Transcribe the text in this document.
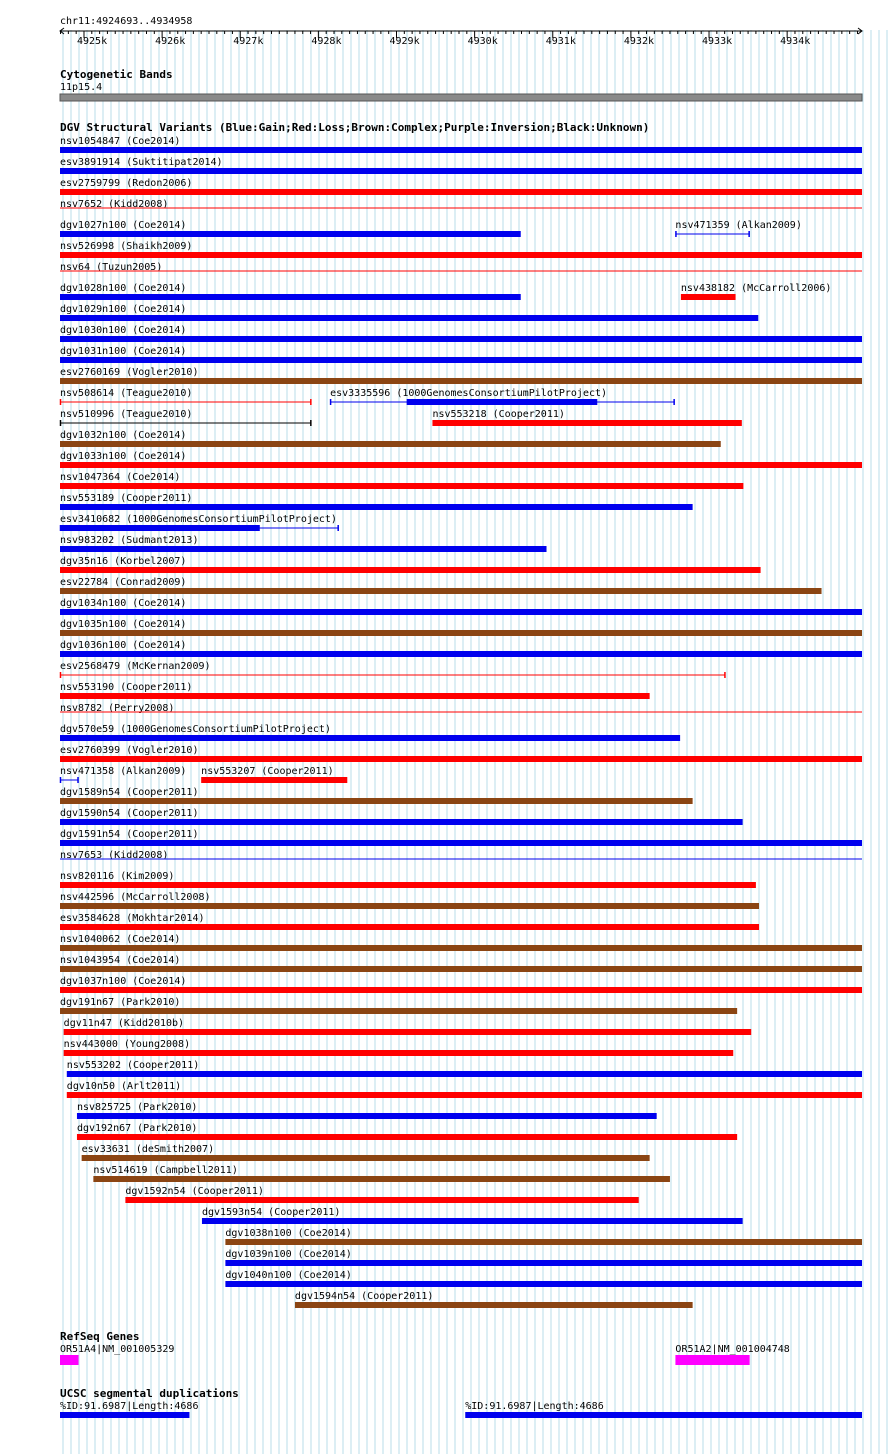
chr11:4924693..4934958
4925k	4926k	4927k	4928k	4929k	4930k	4931k	4932k	4933k	4934k
Cytogenetic Bands
11p15.4
DGV Structural Variants (Blue:Gain;Red:Loss;Brown:Complex;Purple:Inversion;Black:Unknown)
nsv1054847 (Coe2014)
esv3891914 (Suktitipat2014)
esv2759799 (Redon2006)
nsv7652 (Kidd2008)
dgv1027n100 (Coe2014)	nsv471359 (Alkan2009)
nsv526998 (Shaikh2009)
nsv64 (Tuzun2005)
dgv1028n100 (Coe2014)	nsv438182 (McCarroll2006)
dgv1029n100 (Coe2014)
dgv1030n100 (Coe2014)
dgv1031n100 (Coe2014)
esv2760169 (Vogler2010)
nsv508614 (Teague2010)	esv3335596 (1000GenomesConsortiumPilotProject)
nsv510996 (Teague2010)	nsv553218 (Cooper2011)
dgv1032n100 (Coe2014)
dgv1033n100 (Coe2014)
nsv1047364 (Coe2014)
nsv553189 (Cooper2011)
esv3410682 (1000GenomesConsortiumPilotProject)
nsv983202 (Sudmant2013)
dgv35n16 (Korbel2007)
esv22784 (Conrad2009)
dgv1034n100 (Coe2014)
dgv1035n100 (Coe2014)
dgv1036n100 (Coe2014)
esv2568479 (McKernan2009)
nsv553190 (Cooper2011)
nsv8782 (Perry2008)
dgv570e59 (1000GenomesConsortiumPilotProject)
esv2760399 (Vogler2010)
nsv471358 (Alkan2009) nsv553207 (Cooper2011)
dgv1589n54 (Cooper2011)
dgv1590n54 (Cooper2011)
dgv1591n54 (Cooper2011)
nsv7653 (Kidd2008)
nsv820116 (Kim2009)
nsv442596 (McCarroll2008)
esv3584628 (Mokhtar2014)
nsv1040062 (Coe2014)
nsv1043954 (Coe2014)
dgv1037n100 (Coe2014)
dgv191n67 (Park2010)
dgv11n47 (Kidd2010b)
nsv443000 (Young2008)
nsv553202 (Cooper2011)
dgv10n50 (Arlt2011)
nsv825725 (Park2010)
dgv192n67 (Park2010)
esv33631 (deSmith2007)
nsv514619 (Campbell2011)
dgv1592n54 (Cooper2011)
dgv1593n54 (Cooper2011)
dgv1038n100 (Coe2014)
dgv1039n100 (Coe2014)
dgv1040n100 (Coe2014)
dgv1594n54 (Cooper2011)
RefSeq Genes
OR51A4|NM_001005329	OR51A2|NM_001004748
UCSC segmental duplications
%ID:91.6987|Length:4686	%ID:91.6987|Length:4686
